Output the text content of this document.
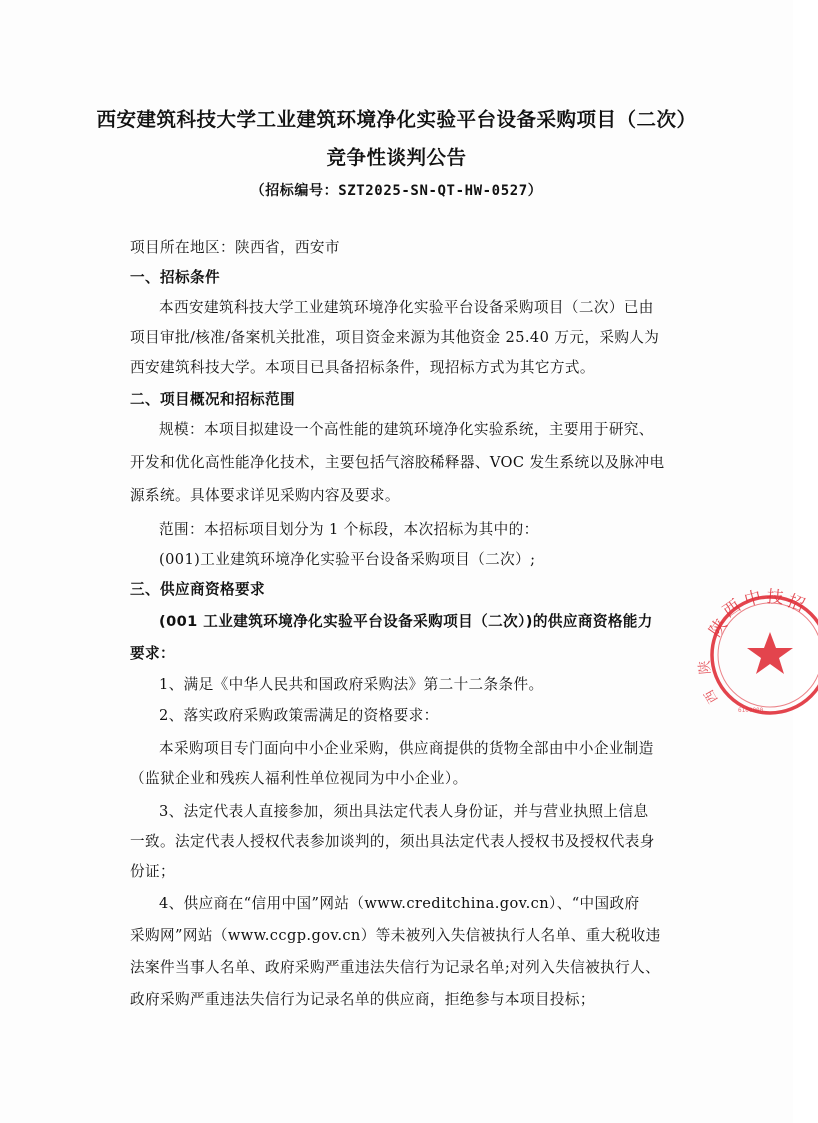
西安建筑科技大学工业建筑环境净化实验平台设备采购项目（二次）
竞争性谈判公告
（招标编号：SZT2025-SN-QT-HW-0527）
项目所在地区：陕西省，西安市
一、招标条件
本西安建筑科技大学工业建筑环境净化实验平台设备采购项目（二次）已由
项目审批/核准/备案机关批准，项目资金来源为其他资金 25.40 万元，采购人为
西安建筑科技大学。本项目已具备招标条件，现招标方式为其它方式。
二、项目概况和招标范围
规模：本项目拟建设一个高性能的建筑环境净化实验系统，主要用于研究、
开发和优化高性能净化技术，主要包括气溶胶稀释器、VOC 发生系统以及脉冲电
源系统。具体要求详见采购内容及要求。
范围：本招标项目划分为 1 个标段，本次招标为其中的：
(001)工业建筑环境净化实验平台设备采购项目（二次）;
三、供应商资格要求
(001 工业建筑环境净化实验平台设备采购项目（二次）)的供应商资格能力
要求：
1、满足《中华人民共和国政府采购法》第二十二条条件。
2、落实政府采购政策需满足的资格要求：
本采购项目专门面向中小企业采购，供应商提供的货物全部由中小企业制造
（监狱企业和残疾人福利性单位视同为中小企业）。
3、法定代表人直接参加，须出具法定代表人身份证，并与营业执照上信息
一致。法定代表人授权代表参加谈判的，须出具法定代表人授权书及授权代表身
份证；
4、供应商在“信用中国”网站（www.creditchina.gov.cn）、“中国政府
采购网”网站（www.ccgp.gov.cn）等未被列入失信被执行人名单、重大税收违
法案件当事人名单、政府采购严重违法失信行为记录名单;对列入失信被执行人、
政府采购严重违法失信行为记录名单的供应商，拒绝参与本项目投标；
陕
西
中 技 招
陕
西
6100000
